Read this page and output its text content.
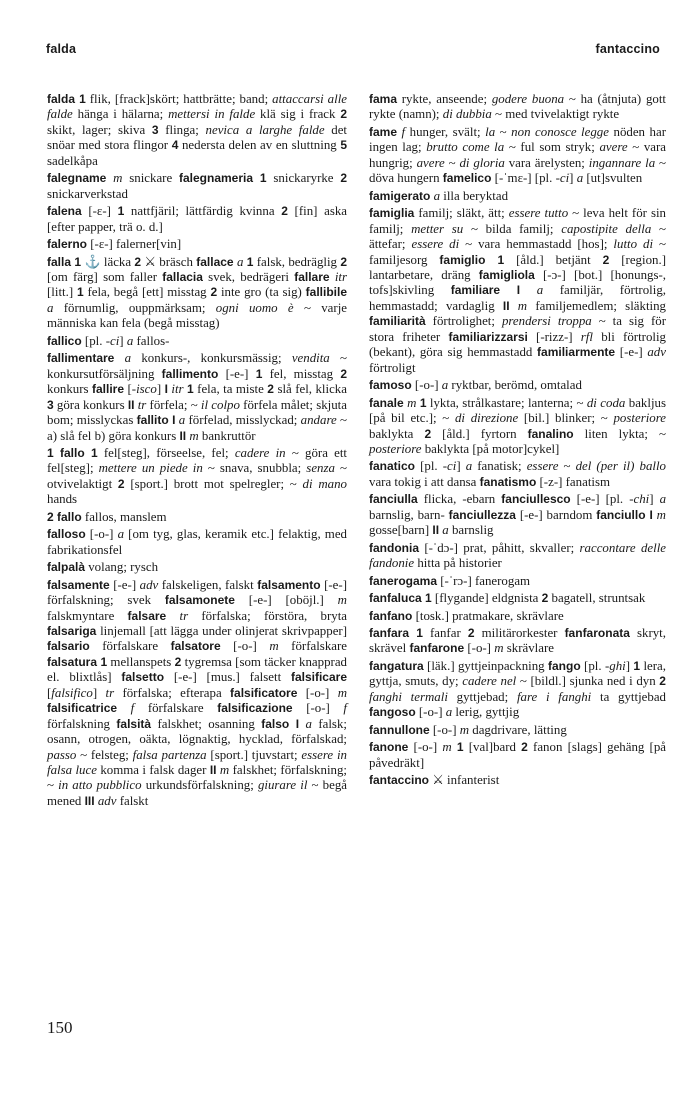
falda	fantaccino
falda 1 flik, [frack]skört; hattbrätte; band; attaccarsi alle falde hänga i hälarna; mettersi in falde klä sig i frack 2 skikt, lager; skiva 3 flinga; nevica a larghe falde det snöar med stora flingor 4 nedersta delen av en sluttning 5 sadelkåpa
falegname m snickare falegnameria 1 snickaryrke 2 snickarverkstad
falena [-ɛ-] 1 nattfjäril; lättfärdig kvinna 2 [fin] aska [efter papper, trä o. d.]
falerno [-ɛ-] falerner[vin]
falla 1 ⚓ läcka 2 ⚔ bräsch fallace a 1 falsk, bedräglig 2 [om färg] som faller fallacia svek, bedrägeri fallare itr [litt.] 1 fela, begå [ett] misstag 2 inte gro (ta sig) fallibile a förnumlig, ouppmärksam; ogni uomo è ~ varje människa kan fela (begå misstag)
fallico [pl. -ci] a fallos-
fallimentare a konkurs-, konkursmässig; vendita ~ konkursutförsäljning fallimento [-e-] 1 fel, misstag 2 konkurs fallire [-isco] I itr 1 fela, ta miste 2 slå fel, klicka 3 göra konkurs II tr förfela; ~ il colpo förfela målet; skjuta bom; misslyckas fallito I a förfelad, misslyckad; andare ~ a) slå fel b) göra konkurs II m bankruttör
1 fallo 1 fel[steg], förseelse, fel; cadere in ~ göra ett fel[steg]; mettere un piede in ~ snava, snubbla; senza ~ otvivelaktigt 2 [sport.] brott mot spelregler; ~ di mano hands
2 fallo fallos, manslem
falloso [-o-] a [om tyg, glas, keramik etc.] felaktig, med fabrikationsfel
falpalà volang; rysch
falsamente [-e-] adv falskeligen, falskt falsamento [-e-] förfalskning; svek falsamonete [-e-] [oböjl.] m falskmyntare falsare tr förfalska; förstöra, bryta falsariga linjemall [att lägga under olinjerat skrivpapper] falsario förfalskare falsatore [-o-] m förfalskare falsatura 1 mellanspets 2 tygremsa [som täcker knapprad el. blixtlås] falsetto [-e-] [mus.] falsett falsificare [falsifico] tr förfalska; efterapa falsificatore [-o-] m falsificatrice f förfalskare falsificazione [-o-] f förfalskning falsità falskhet; osanning falso I a falsk; osann, otrogen, oäkta, lögnaktig, hycklad, förfalskad; passo ~ felsteg; falsa partenza [sport.] tjuvstart; essere in falsa luce komma i falsk dager II m falskhet; förfalskning; ~ in atto pubblico urkundsförfalskning; giurare il ~ begå mened III adv falskt
fama rykte, anseende; godere buona ~ ha (åtnjuta) gott rykte (namn); di dubbia ~ med tvivelaktigt rykte
fame f hunger, svält; la ~ non conosce legge nöden har ingen lag; brutto come la ~ ful som stryk; avere ~ vara hungrig; avere ~ di gloria vara ärelysten; ingannare la ~ döva hungern famelico [-ˈmɛ-] [pl. -ci] a [ut]svulten
famigerato a illa beryktad
famiglia familj; släkt, ätt; essere tutto ~ leva helt för sin familj; metter su ~ bilda familj; capostipite della ~ ättefar; essere di ~ vara hemmastadd [hos]; lutto di ~ familjesorg famiglio 1 [åld.] betjänt 2 [region.] lantarbetare, dräng famigliola [-ɔ-] [bot.] [honungs-, tofs]skivling familiare I a familjär, förtrolig, hemmastadd; vardaglig II m familjemedlem; släkting familiarità förtrolighet; prendersi troppa ~ ta sig för stora friheter familiarizzarsi [-rizz-] rfl bli förtrolig (bekant), göra sig hemmastadd familiarmente [-e-] adv förtroligt
famoso [-o-] a ryktbar, berömd, omtalad
fanale m 1 lykta, strålkastare; lanterna; ~ di coda bakljus [på bil etc.]; ~ di direzione [bil.] blinker; ~ posteriore baklykta 2 [åld.] fyrtorn fanalino liten lykta; ~ posteriore baklykta [på motor]cykel]
fanatico [pl. -ci] a fanatisk; essere ~ del (per il) ballo vara tokig i att dansa fanatismo [-z-] fanatism
fanciulla flicka, -ebarn fanciullesco [-e-] [pl. -chi] a barnslig, barn- fanciullezza [-e-] barndom fanciullo I m gosse[barn] II a barnslig
fandonia [-ˈdɔ-] prat, påhitt, skvaller; raccontare delle fandonie hitta på historier
fanerogama [-ˈrɔ-] fanerogam
fanfaluca 1 [flygande] eldgnista 2 bagatell, struntsak
fanfano [tosk.] pratmakare, skrävlare
fanfara 1 fanfar 2 militärorkester fanfaronata skryt, skrävel fanfarone [-o-] m skrävlare
fangatura [läk.] gyttjeinpackning fango [pl. -ghi] 1 lera, gyttja, smuts, dy; cadere nel ~ [bildl.] sjunka ned i dyn 2 fanghi termali gyttjebad; fare i fanghi ta gyttjebad fangoso [-o-] a lerig, gyttjig
fannullone [-o-] m dagdrivare, lätting
fanone [-o-] m 1 [val]bard 2 fanon [slags] gehäng [på påvedräkt]
fantaccino ⚔ infanterist
150
